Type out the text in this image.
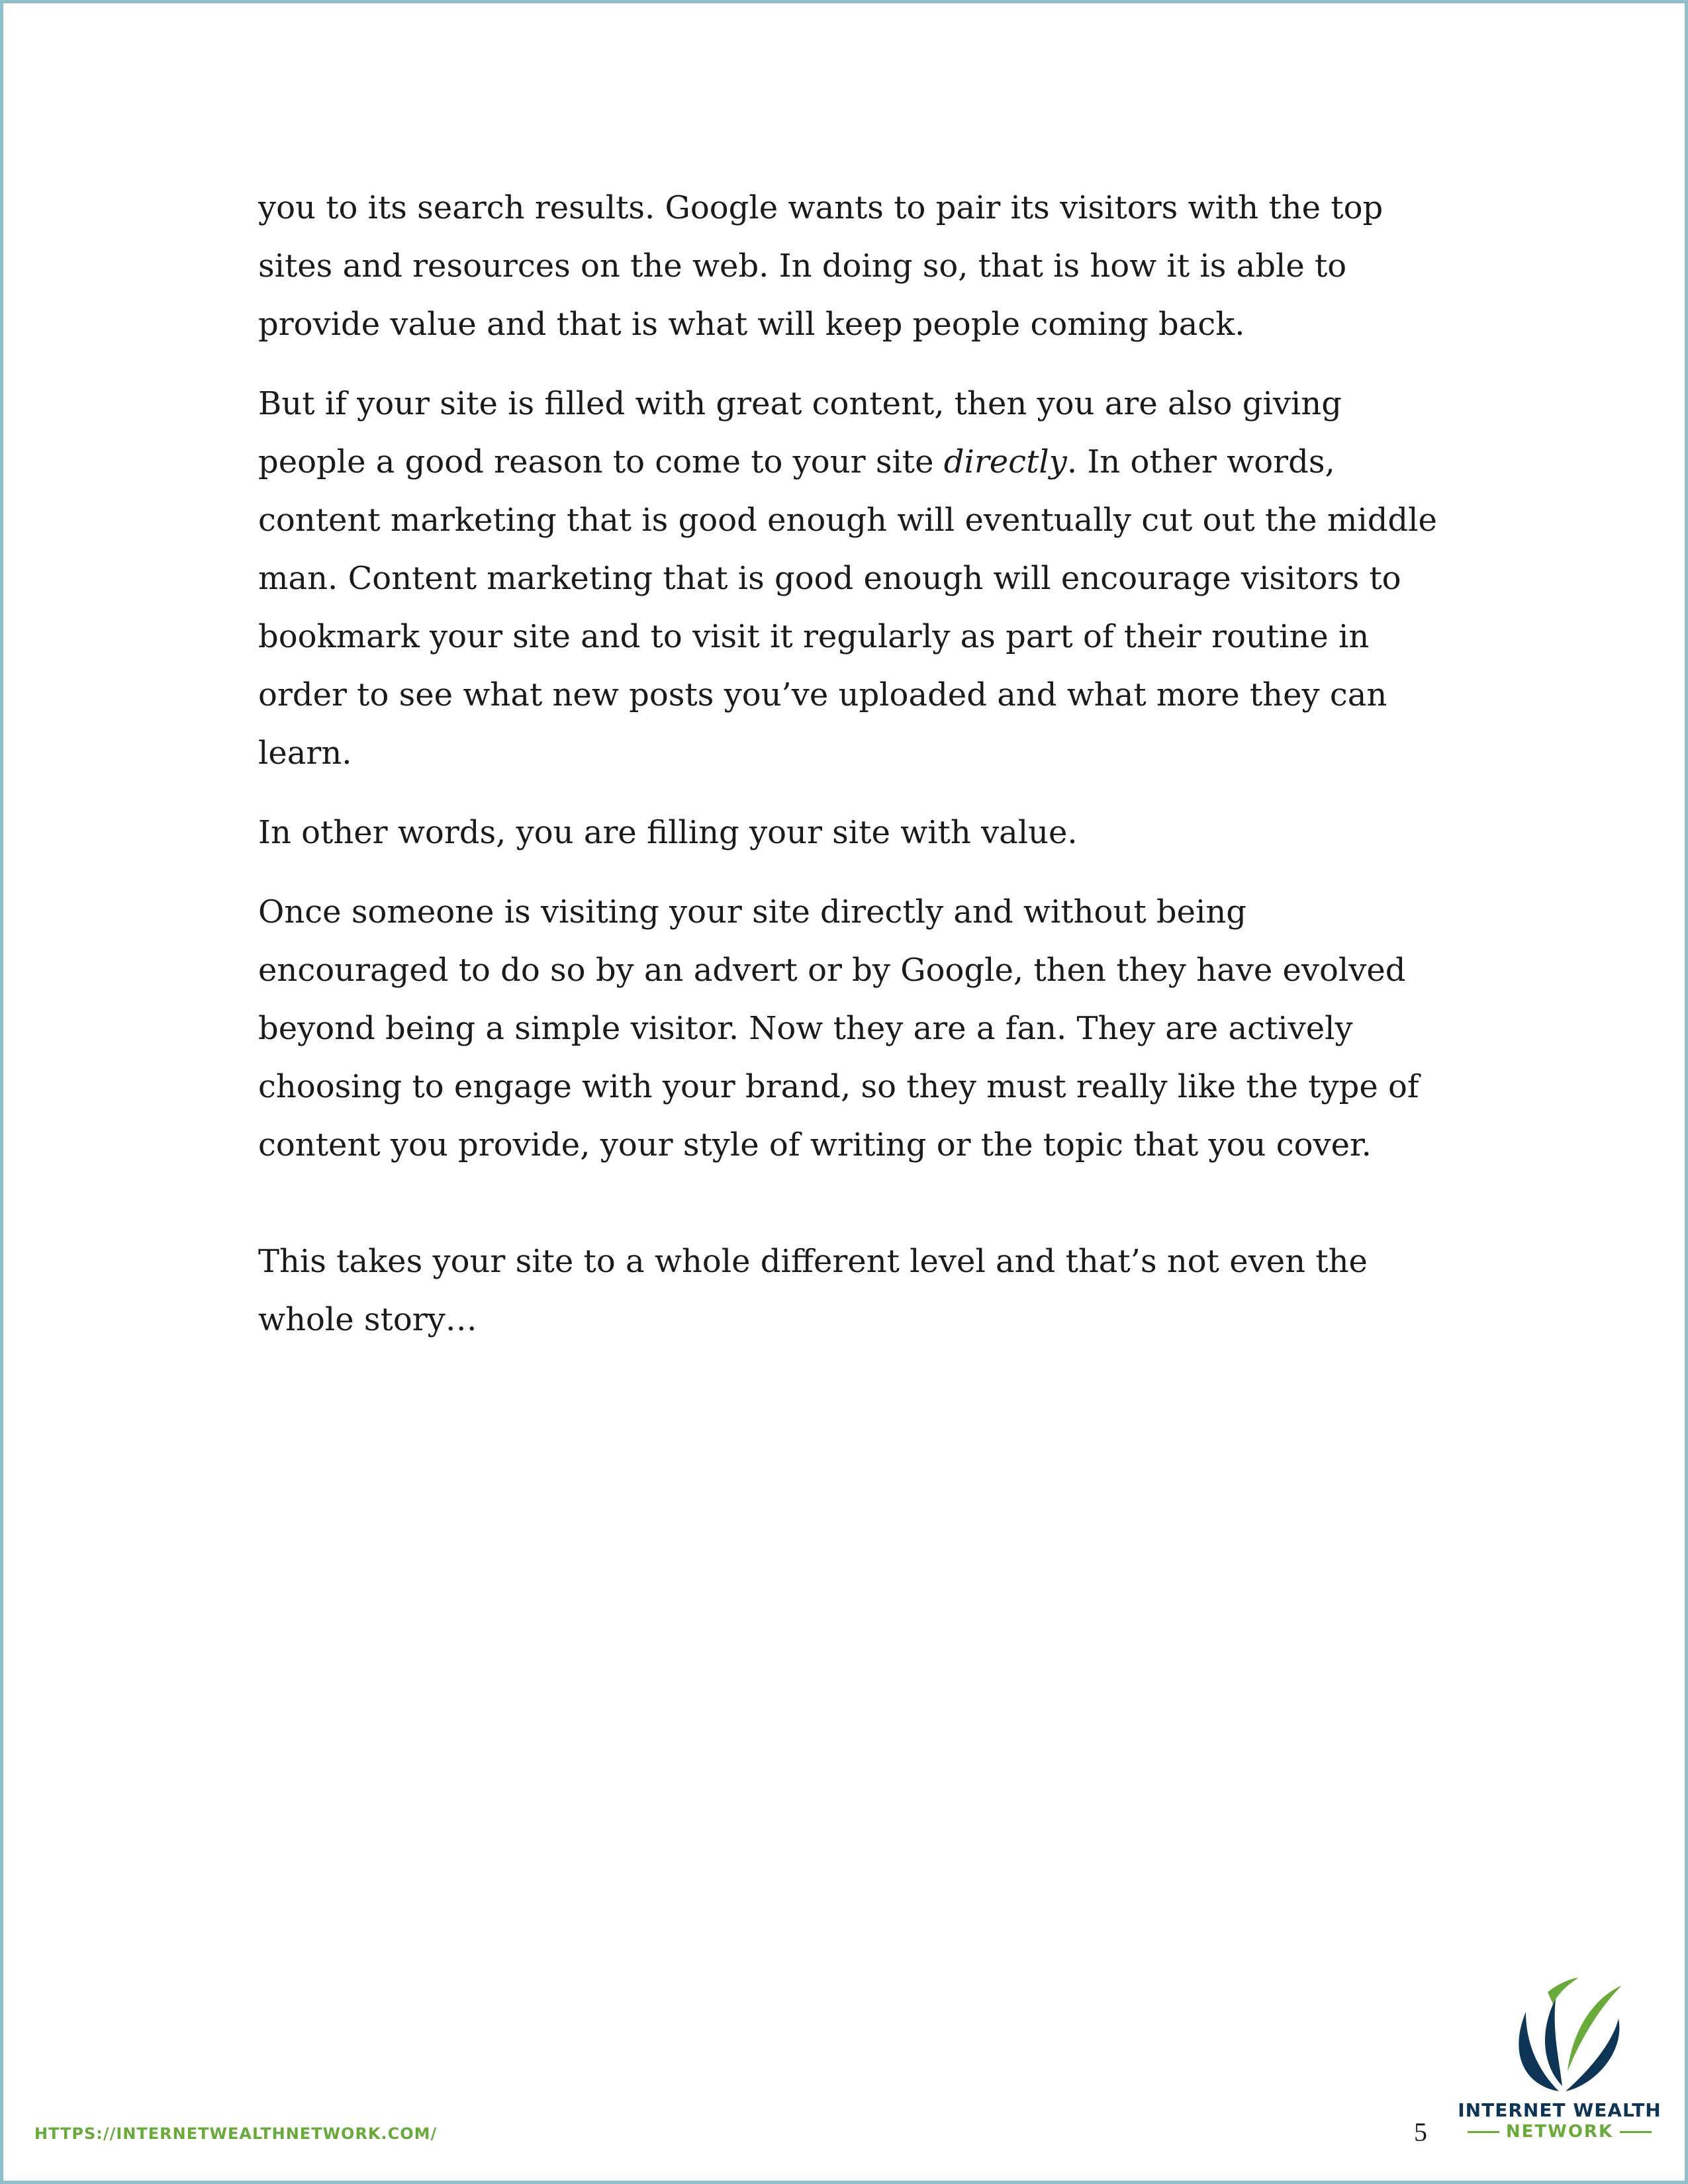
you to its search results. Google wants to pair its visitors with the top sites and resources on the web. In doing so, that is how it is able to provide value and that is what will keep people coming back.

But if your site is filled with great content, then you are also giving people a good reason to come to your site directly. In other words, content marketing that is good enough will eventually cut out the middle man. Content marketing that is good enough will encourage visitors to bookmark your site and to visit it regularly as part of their routine in order to see what new posts you’ve uploaded and what more they can learn.

In other words, you are filling your site with value.

Once someone is visiting your site directly and without being encouraged to do so by an advert or by Google, then they have evolved beyond being a simple visitor. Now they are a fan. They are actively choosing to engage with your brand, so they must really like the type of content you provide, your style of writing or the topic that you cover.

This takes your site to a whole different level and that’s not even the whole story…

HTTPS://INTERNETWEALTHNETWORK.COM/	5
INTERNET WEALTH
NETWORK
